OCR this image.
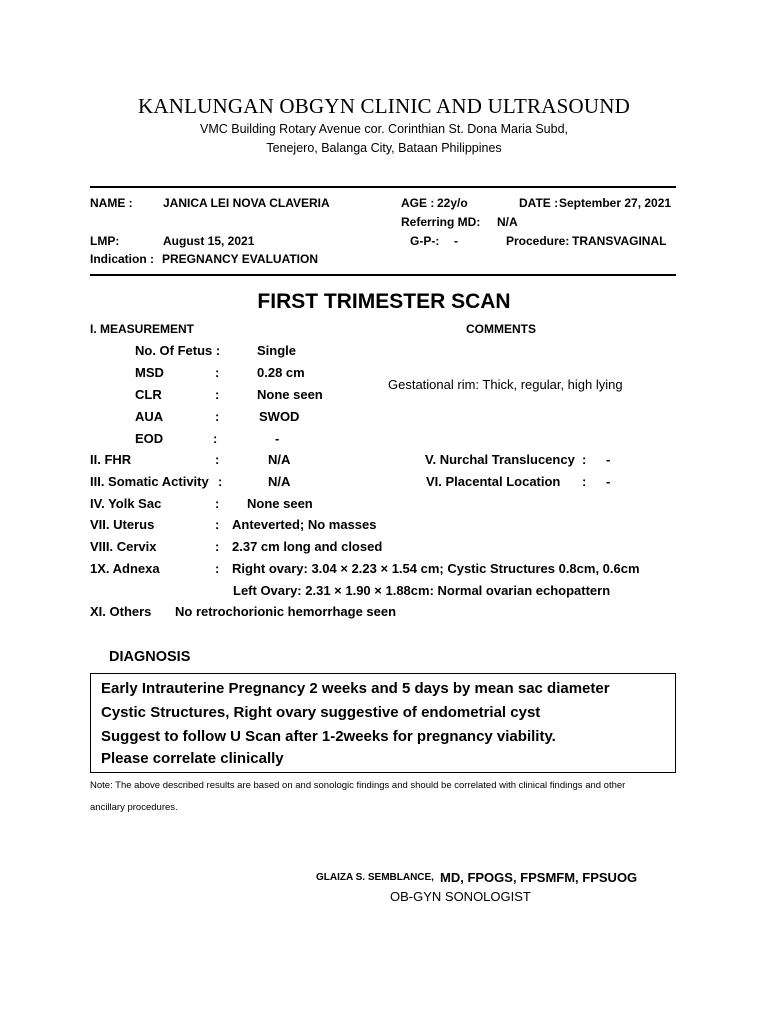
KANLUNGAN OBGYN CLINIC AND ULTRASOUND
VMC Building Rotary Avenue cor. Corinthian St. Dona Maria Subd,
Tenejero, Balanga City, Bataan Philippines
NAME :	JANICA LEI NOVA CLAVERIA	AGE : 22y/o	DATE : September 27, 2021
Referring MD: N/A
LMP:	August 15, 2021	G-P-: -	Procedure: TRANSVAGINAL
Indication : PREGNANCY EVALUATION
FIRST TRIMESTER SCAN
I. MEASUREMENT	COMMENTS
No. Of Fetus :	Single
MSD	:	0.28 cm
CLR	:	None seen
AUA	:	SWOD
EOD	:	-
Gestational rim: Thick, regular, high lying
II. FHR	:	N/A	V. Nurchal Translucency : -
III. Somatic Activity :	N/A	VI. Placental Location : -
IV. Yolk Sac	: None seen
VII. Uterus	: Anteverted; No masses
VIII. Cervix	: 2.37 cm long and closed
1X. Adnexa	: Right ovary: 3.04 × 2.23 × 1.54 cm; Cystic Structures 0.8cm, 0.6cm
Left Ovary: 2.31 × 1.90 × 1.88cm: Normal ovarian echopattern
XI. Others No retrochorionic hemorrhage seen
DIAGNOSIS
Early Intrauterine Pregnancy 2 weeks and 5 days by mean sac diameter
Cystic Structures, Right ovary suggestive of endometrial cyst
Suggest to follow U Scan after 1-2weeks for pregnancy viability.
Please correlate clinically
Note: The above described results are based on and sonologic findings and should be correlated with clinical findings and other
ancillary procedures.
GLAIZA S. SEMBLANCE, MD, FPOGS, FPSMFM, FPSUOG
OB-GYN SONOLOGIST
